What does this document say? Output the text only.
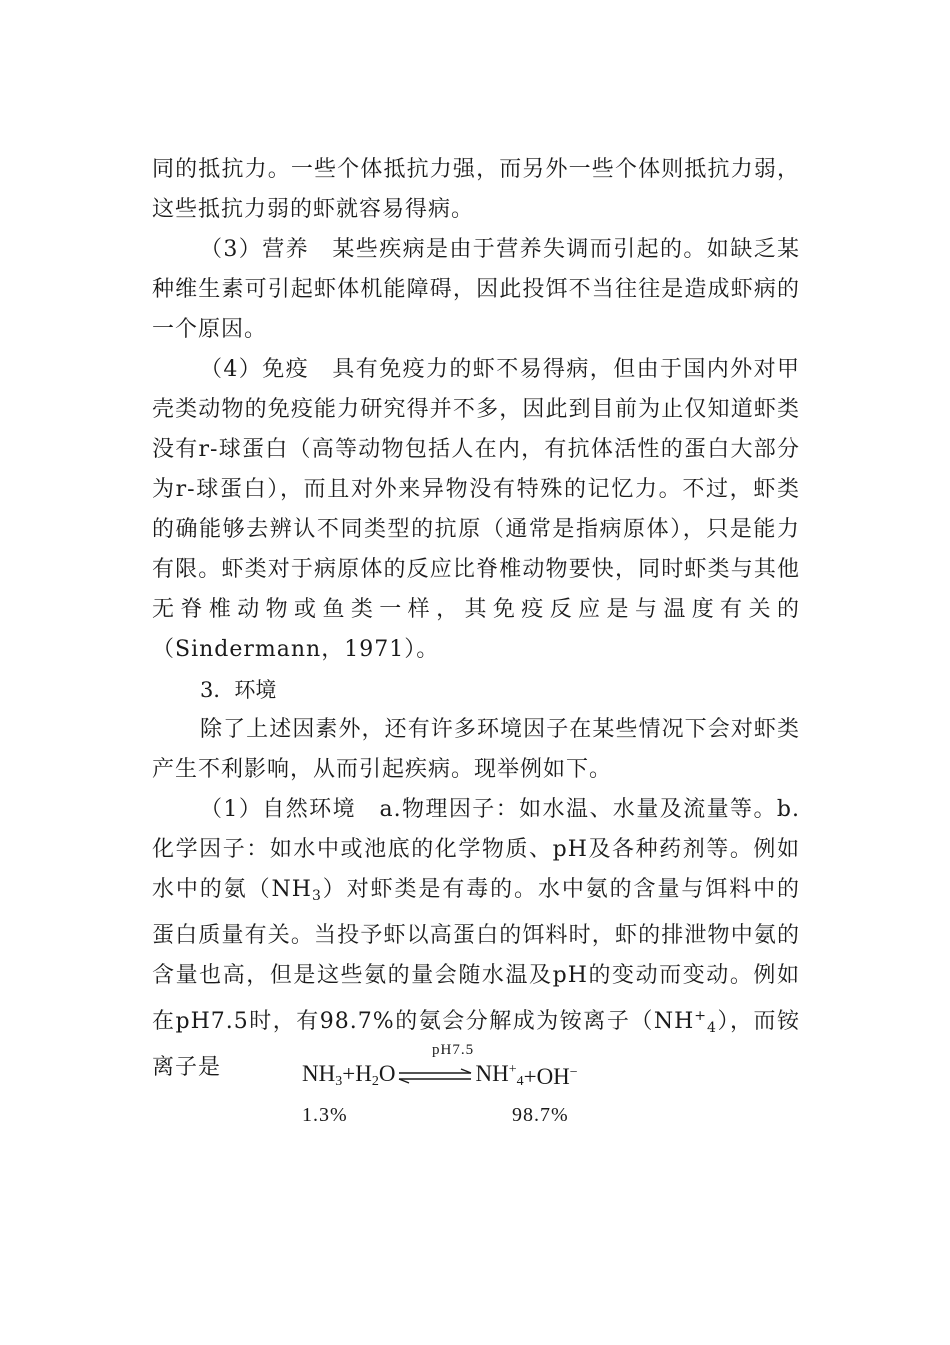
同的抵抗力。一些个体抵抗力强，而另外一些个体则抵抗力弱，这些抵抗力弱的虾就容易得病。

（3）营养　某些疾病是由于营养失调而引起的。如缺乏某种维生素可引起虾体机能障碍，因此投饵不当往往是造成虾病的一个原因。

（4）免疫　具有免疫力的虾不易得病，但由于国内外对甲壳类动物的免疫能力研究得并不多，因此到目前为止仅知道虾类没有r-球蛋白（高等动物包括人在内，有抗体活性的蛋白大部分为r-球蛋白），而且对外来异物没有特殊的记忆力。不过，虾类的确能够去辨认不同类型的抗原（通常是指病原体），只是能力有限。虾类对于病原体的反应比脊椎动物要快，同时虾类与其他无脊椎动物或鱼类一样，其免疫反应是与温度有关的（Sindermann，1971）。

3．环境

除了上述因素外，还有许多环境因子在某些情况下会对虾类产生不利影响，从而引起疾病。现举例如下。

（1）自然环境　a.物理因子：如水温、水量及流量等。b.化学因子：如水中或池底的化学物质、pH及各种药剂等。例如水中的氨$(NH_3)$对虾类是有毒的。水中氨的含量与饵料中的蛋白质量有关。当投予虾以高蛋白的饵料时，虾的排泄物中氨的含量也高，但是这些氨的量会随水温及pH的变动而变动。例如在pH7.5时，有98.7%的氨会分解成为铵离子$(NH^+_4)$，而铵离子是

pH7.5
$NH_3 +H_2O$ ⇌ $NH^+_4 +OH^-$
1.3%	98.7%
